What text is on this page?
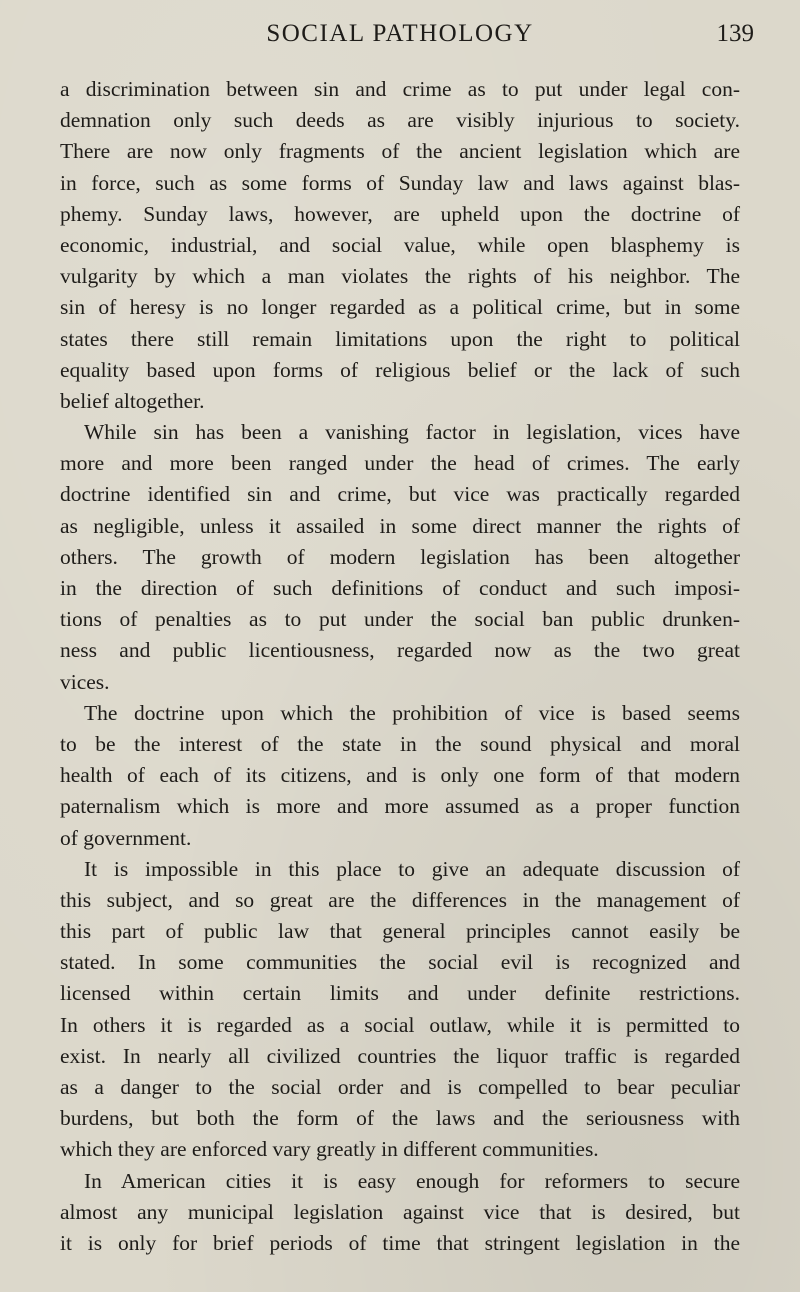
SOCIAL PATHOLOGY	139
a discrimination between sin and crime as to put under legal con-
demnation only such deeds as are visibly injurious to society.
There are now only fragments of the ancient legislation which are
in force, such as some forms of Sunday law and laws against blas-
phemy. Sunday laws, however, are upheld upon the doctrine of
economic, industrial, and social value, while open blasphemy is
vulgarity by which a man violates the rights of his neighbor. The
sin of heresy is no longer regarded as a political crime, but in some
states there still remain limitations upon the right to political
equality based upon forms of religious belief or the lack of such
belief altogether.
While sin has been a vanishing factor in legislation, vices have
more and more been ranged under the head of crimes. The early
doctrine identified sin and crime, but vice was practically regarded
as negligible, unless it assailed in some direct manner the rights of
others. The growth of modern legislation has been altogether
in the direction of such definitions of conduct and such imposi-
tions of penalties as to put under the social ban public drunken-
ness and public licentiousness, regarded now as the two great
vices.
The doctrine upon which the prohibition of vice is based seems
to be the interest of the state in the sound physical and moral
health of each of its citizens, and is only one form of that modern
paternalism which is more and more assumed as a proper function
of government.
It is impossible in this place to give an adequate discussion of
this subject, and so great are the differences in the management of
this part of public law that general principles cannot easily be
stated. In some communities the social evil is recognized and
licensed within certain limits and under definite restrictions.
In others it is regarded as a social outlaw, while it is permitted to
exist. In nearly all civilized countries the liquor traffic is regarded
as a danger to the social order and is compelled to bear peculiar
burdens, but both the form of the laws and the seriousness with
which they are enforced vary greatly in different communities.
In American cities it is easy enough for reformers to secure
almost any municipal legislation against vice that is desired, but
it is only for brief periods of time that stringent legislation in the
